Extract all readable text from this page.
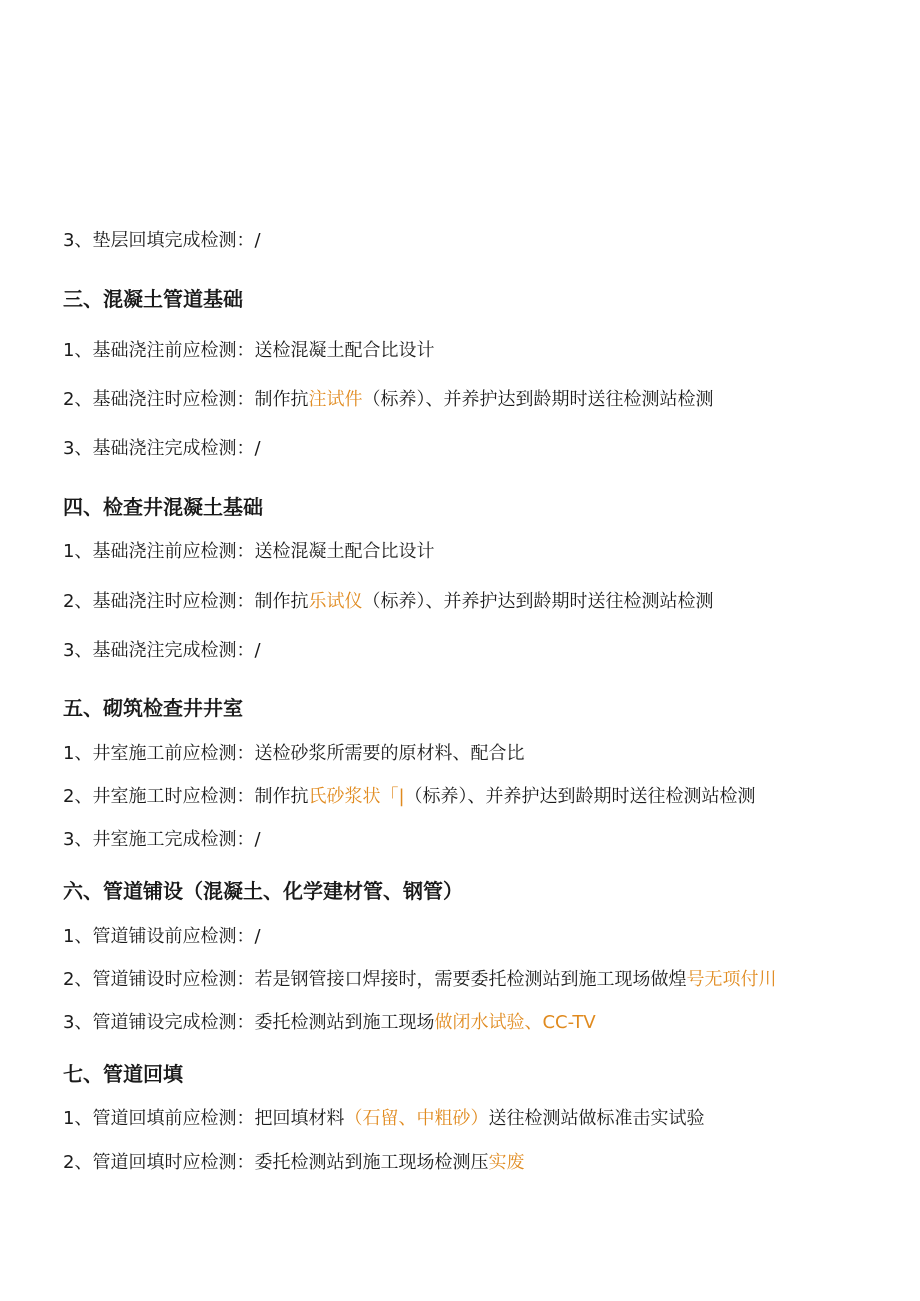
3、垫层回填完成检测：/
三、混凝土管道基础
1、基础浇注前应检测：送检混凝土配合比设计
2、基础浇注时应检测：制作抗注试件（标养）、并养护达到龄期时送往检测站检测
3、基础浇注完成检测：/
四、检查井混凝土基础
1、基础浇注前应检测：送检混凝土配合比设计
2、基础浇注时应检测：制作抗乐试仪（标养）、并养护达到龄期时送往检测站检测
3、基础浇注完成检测：/
五、砌筑检查井井室
1、井室施工前应检测：送检砂浆所需要的原材料、配合比
2、井室施工时应检测：制作抗氏砂浆状「|（标养）、并养护达到龄期时送往检测站检测
3、井室施工完成检测：/
六、管道铺设（混凝土、化学建材管、钢管）
1、管道铺设前应检测：/
2、管道铺设时应检测：若是钢管接口焊接时，需要委托检测站到施工现场做煌号无项付川
3、管道铺设完成检测：委托检测站到施工现场做闭水试验、CC-TV
七、管道回填
1、管道回填前应检测：把回填材料（石留、中粗砂）送往检测站做标准击实试验
2、管道回填时应检测：委托检测站到施工现场检测压实废
